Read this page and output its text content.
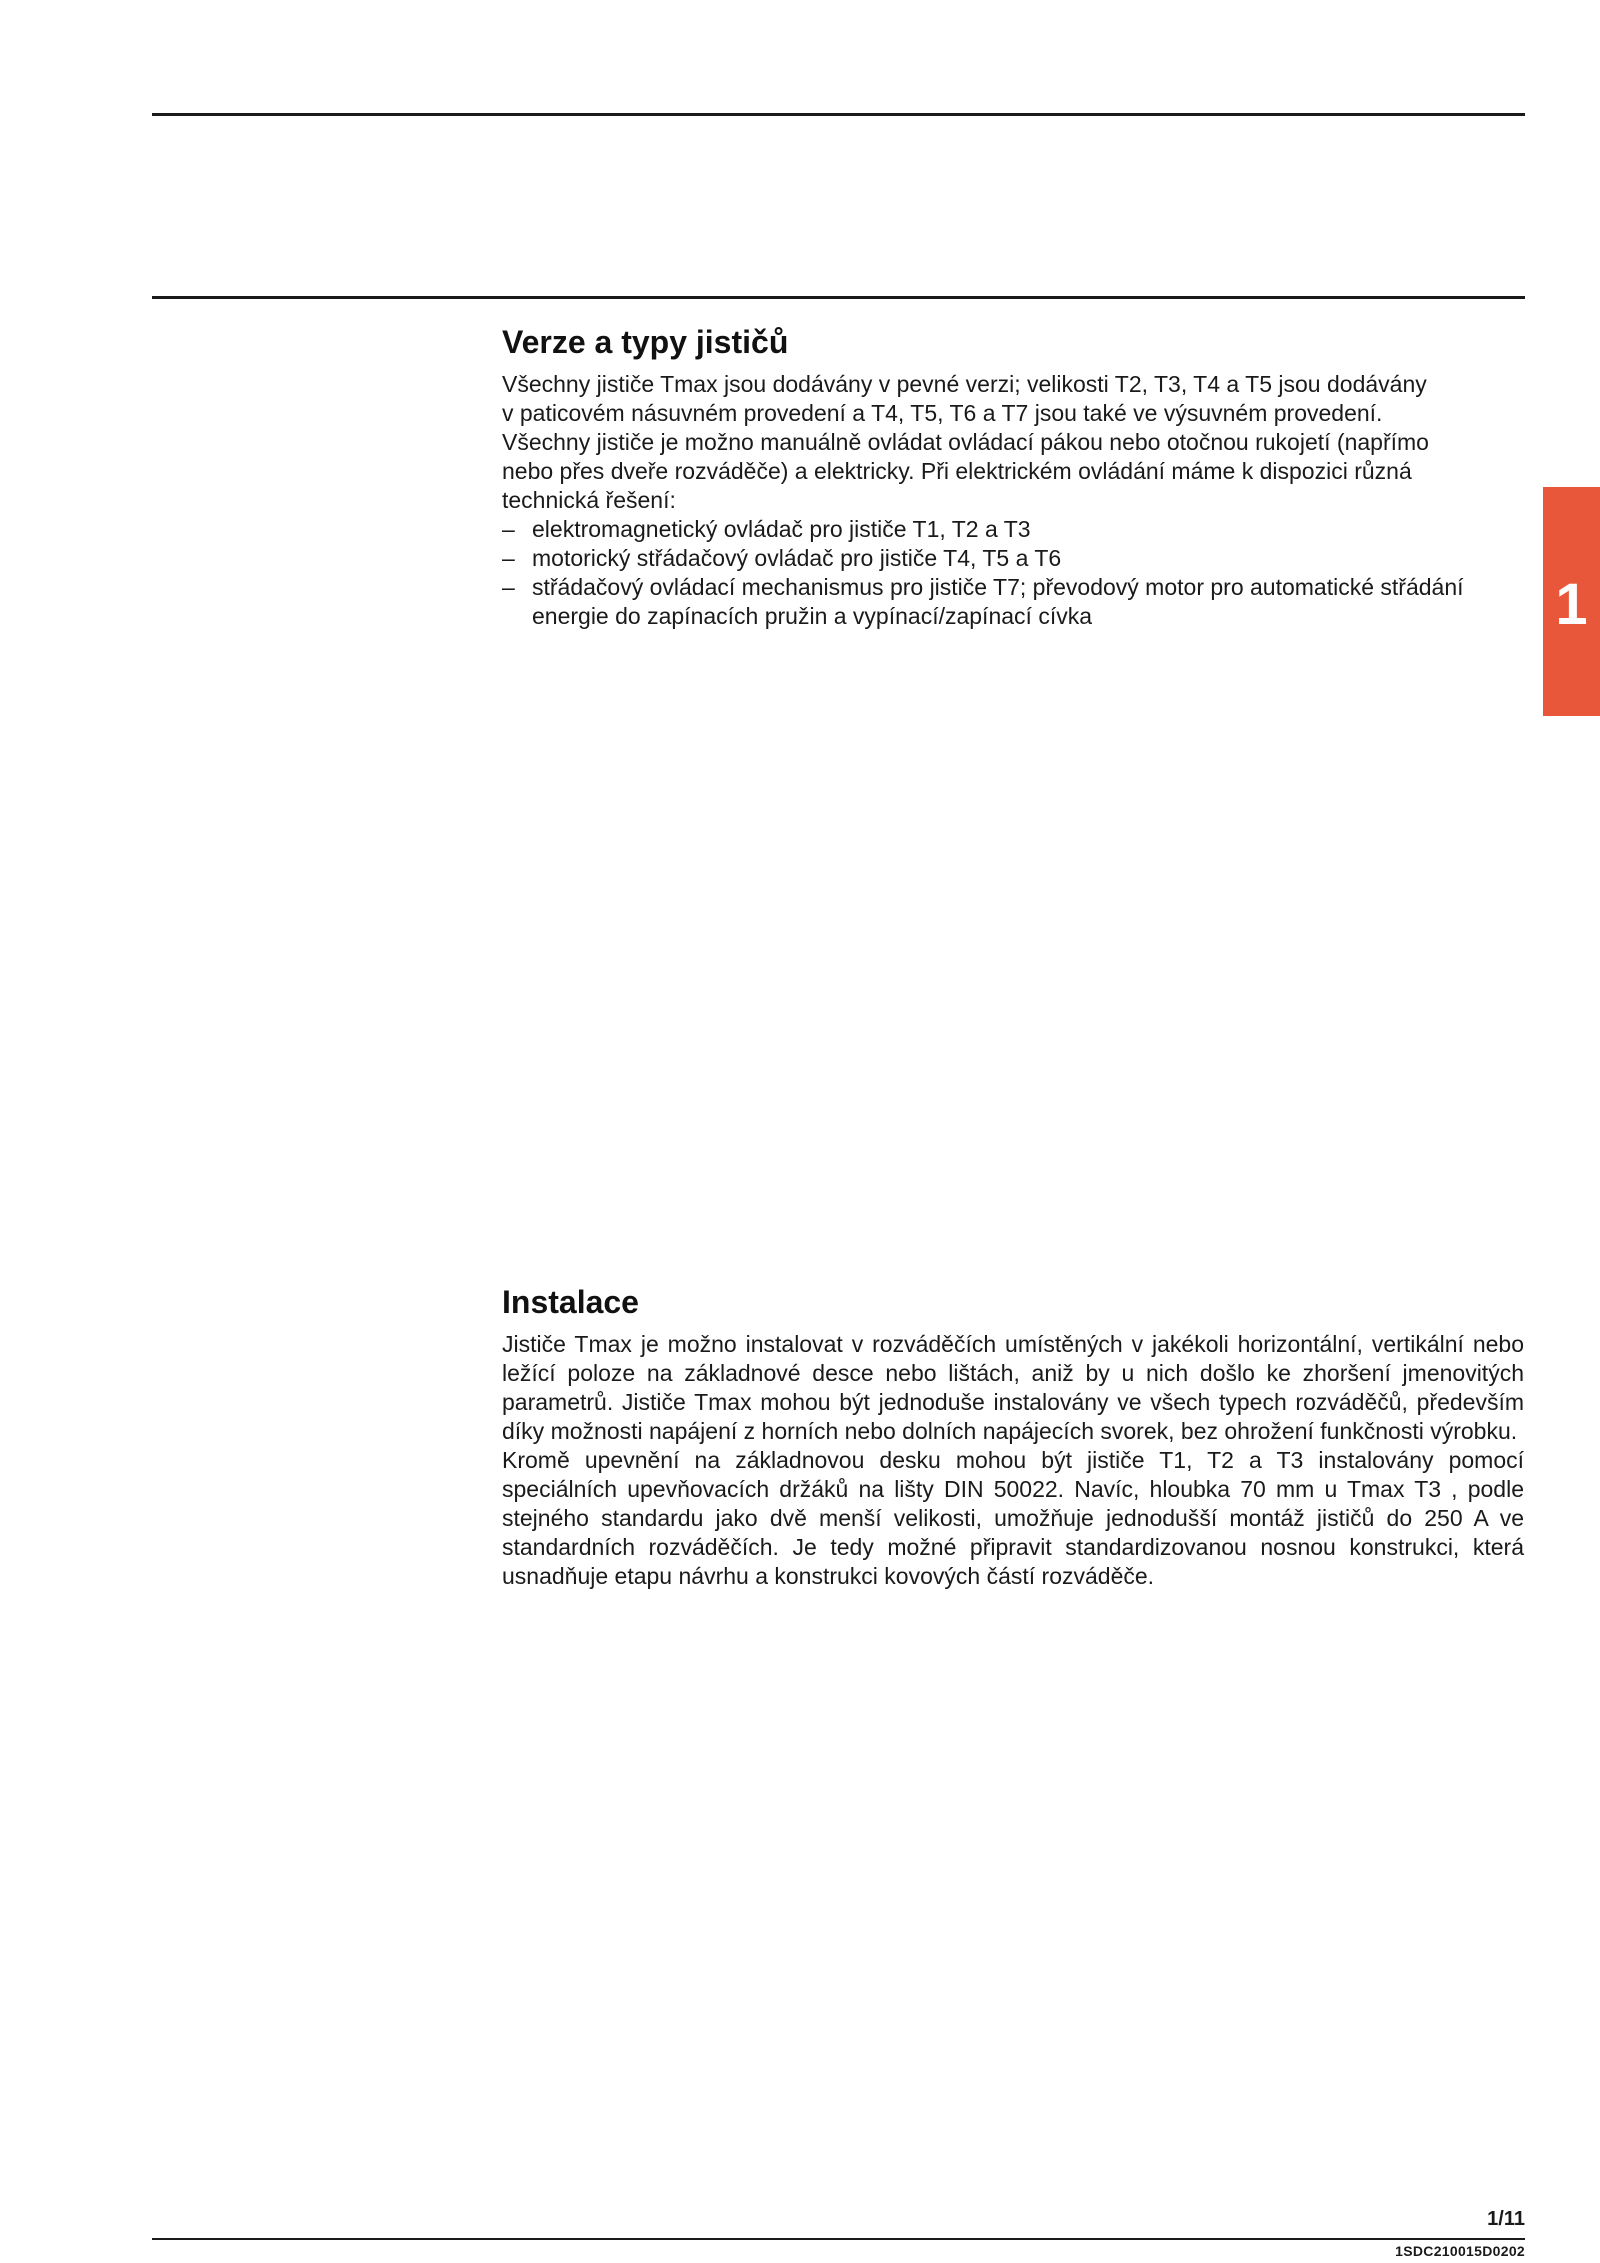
Verze a typy jističů

Všechny jističe Tmax jsou dodávány v pevné verzi; velikosti T2, T3, T4 a T5 jsou dodávány
v paticovém násuvném provedení a T4, T5, T6 a T7 jsou také ve výsuvném provedení.
Všechny jističe je možno manuálně ovládat ovládací pákou nebo otočnou rukojetí (napřímo
nebo přes dveře rozváděče) a elektricky. Při elektrickém ovládání máme k dispozici různá
technická řešení:

– elektromagnetický ovládač pro jističe T1, T2 a T3
– motorický střádačový ovládač pro jističe T4, T5 a T6
– střádačový ovládací mechanismus pro jističe T7; převodový motor pro automatické střádání energie do zapínacích pružin a vypínací/zapínací cívka	1
Instalace

Jističe Tmax je možno instalovat v rozváděčích umístěných v jakékoli horizontální, vertikální nebo ležící poloze na základnové desce nebo lištách, aniž by u nich došlo ke zhoršení jmenovitých parametrů. Jističe Tmax mohou být jednoduše instalovány ve všech typech rozváděčů, především díky možnosti napájení z horních nebo dolních napájecích svorek, bez ohrožení funkčnosti výrobku.

Kromě upevnění na základnovou desku mohou být jističe T1, T2 a T3 instalovány pomocí speciálních upevňovacích držáků na lišty DIN 50022. Navíc, hloubka 70 mm u Tmax T3 , podle stejného standardu jako dvě menší velikosti, umožňuje jednodušší montáž jističů do 250 A ve standardních rozváděčích. Je tedy možné připravit standardizovanou nosnou konstrukci, která usnadňuje etapu návrhu a konstrukci kovových částí rozváděče.

1/11
1SDC210015D0202
